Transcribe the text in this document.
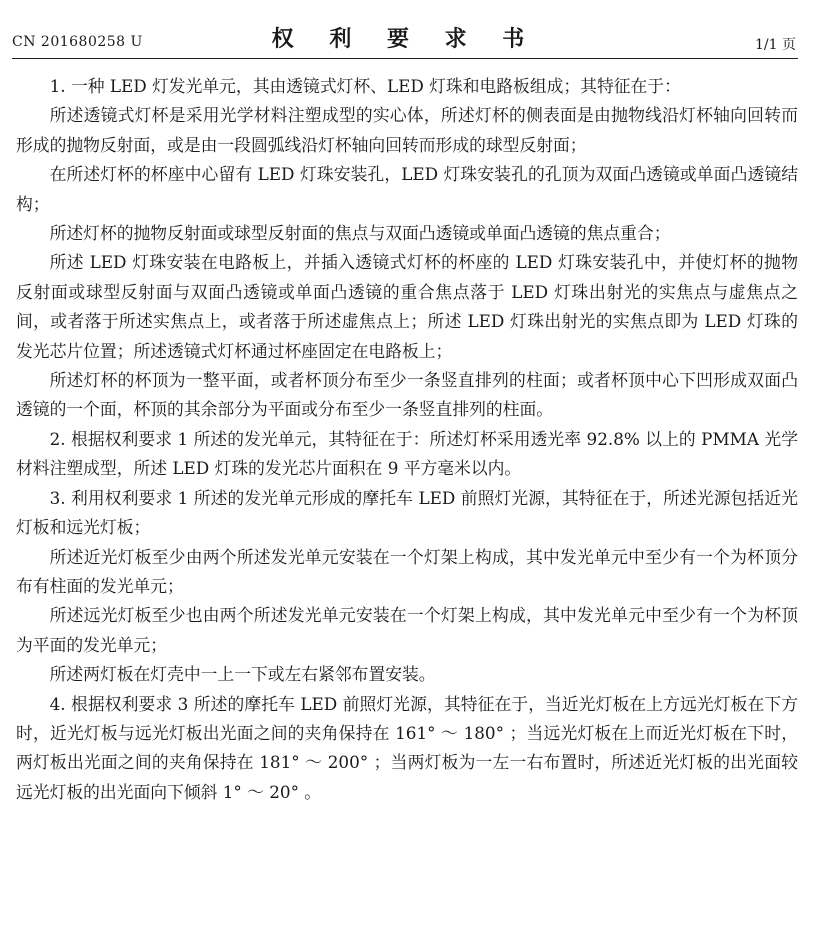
CN 201680258 U	权 利 要 求 书	1/1 页

1. 一种 LED 灯发光单元，其由透镜式灯杯、LED 灯珠和电路板组成；其特征在于：

所述透镜式灯杯是采用光学材料注塑成型的实心体，所述灯杯的侧表面是由抛物线沿灯杯轴向回转而形成的抛物反射面，或是由一段圆弧线沿灯杯轴向回转而形成的球型反射面；

在所述灯杯的杯座中心留有 LED 灯珠安装孔，LED 灯珠安装孔的孔顶为双面凸透镜或单面凸透镜结构；

所述灯杯的抛物反射面或球型反射面的焦点与双面凸透镜或单面凸透镜的焦点重合；

所述 LED 灯珠安装在电路板上，并插入透镜式灯杯的杯座的 LED 灯珠安装孔中，并使灯杯的抛物反射面或球型反射面与双面凸透镜或单面凸透镜的重合焦点落于 LED 灯珠出射光的实焦点与虚焦点之间，或者落于所述实焦点上，或者落于所述虚焦点上；所述 LED 灯珠出射光的实焦点即为 LED 灯珠的发光芯片位置；所述透镜式灯杯通过杯座固定在电路板上；

所述灯杯的杯顶为一整平面，或者杯顶分布至少一条竖直排列的柱面；或者杯顶中心下凹形成双面凸透镜的一个面，杯顶的其余部分为平面或分布至少一条竖直排列的柱面。

2. 根据权利要求 1 所述的发光单元，其特征在于：所述灯杯采用透光率 92.8% 以上的 PMMA 光学材料注塑成型，所述 LED 灯珠的发光芯片面积在 9 平方毫米以内。

3. 利用权利要求 1 所述的发光单元形成的摩托车 LED 前照灯光源，其特征在于，所述光源包括近光灯板和远光灯板；

所述近光灯板至少由两个所述发光单元安装在一个灯架上构成，其中发光单元中至少有一个为杯顶分布有柱面的发光单元；

所述远光灯板至少也由两个所述发光单元安装在一个灯架上构成，其中发光单元中至少有一个为杯顶为平面的发光单元；

所述两灯板在灯壳中一上一下或左右紧邻布置安装。

4. 根据权利要求 3 所述的摩托车 LED 前照灯光源，其特征在于，当近光灯板在上方远光灯板在下方时，近光灯板与远光灯板出光面之间的夹角保持在 161° ～ 180° ；当远光灯板在上而近光灯板在下时，两灯板出光面之间的夹角保持在 181° ～ 200° ；当两灯板为一左一右布置时，所述近光灯板的出光面较远光灯板的出光面向下倾斜 1° ～ 20° 。
